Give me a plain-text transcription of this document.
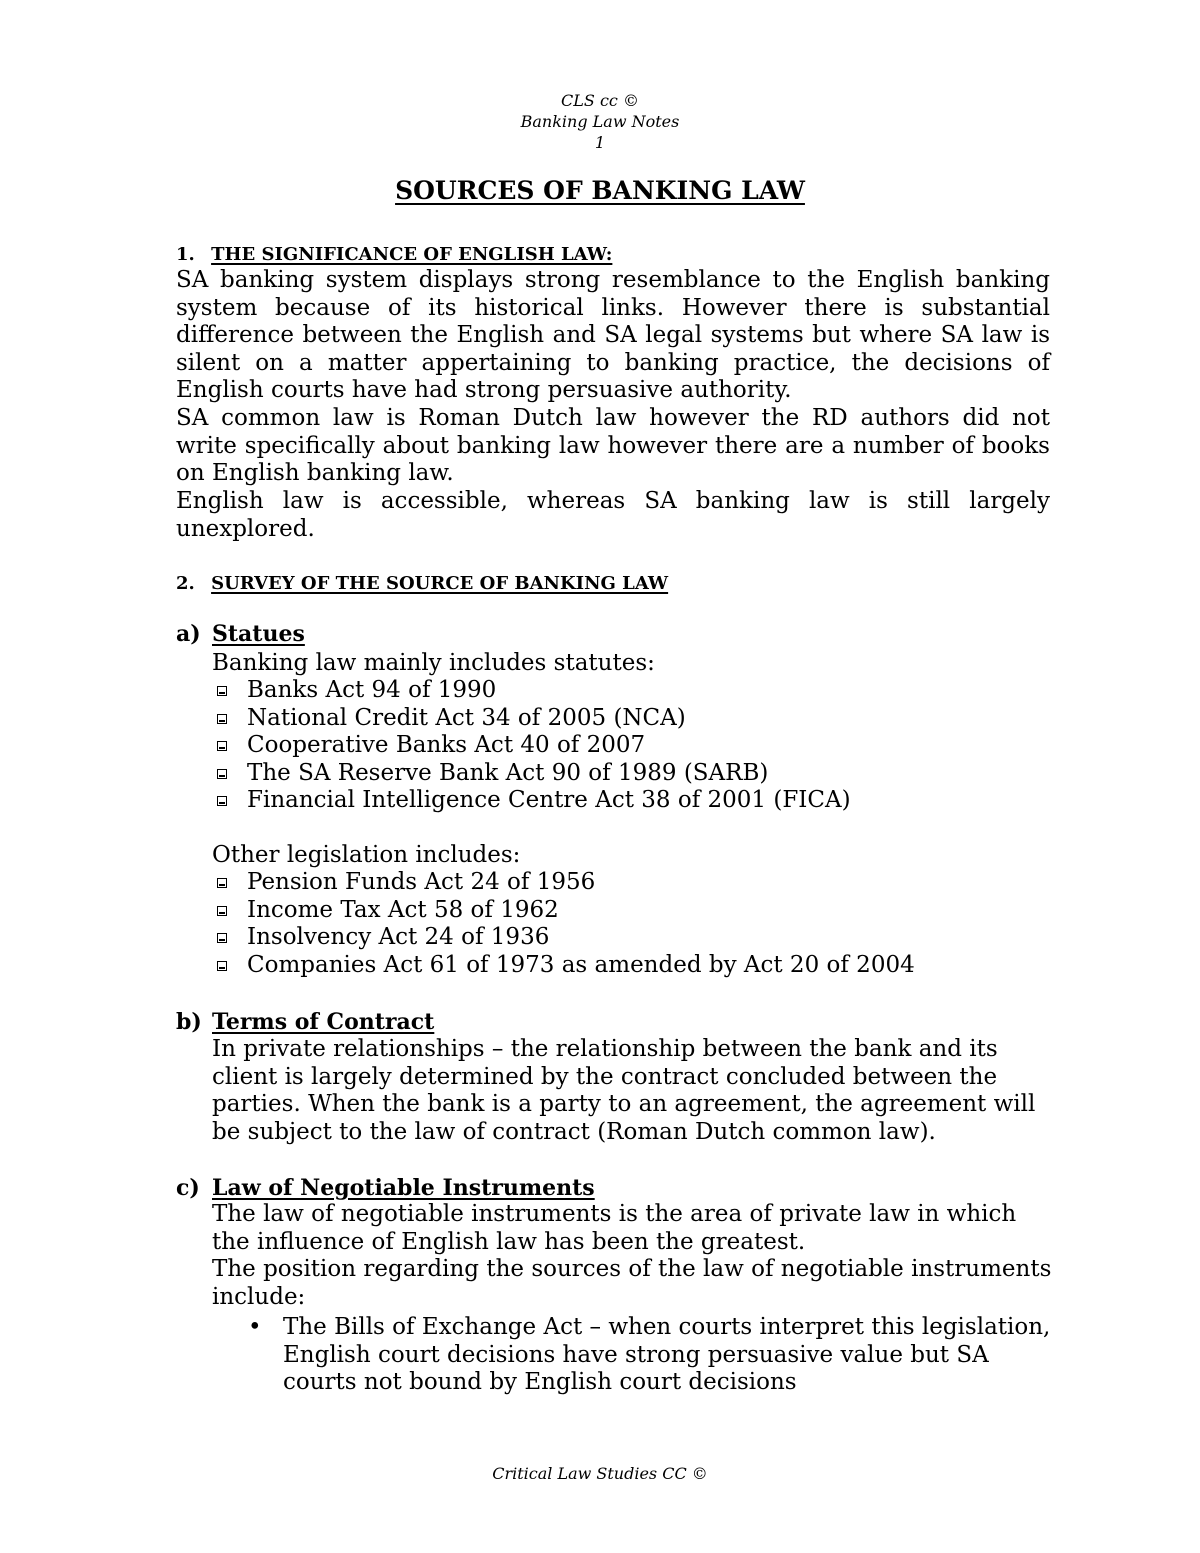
CLS cc ©
Banking Law Notes
1
SOURCES OF BANKING LAW
1. THE SIGNIFICANCE OF ENGLISH LAW:
SA banking system displays strong resemblance to the English banking system because of its historical links. However there is substantial difference between the English and SA legal systems but where SA law is silent on a matter appertaining to banking practice, the decisions of English courts have had strong persuasive authority.
SA common law is Roman Dutch law however the RD authors did not write specifically about banking law however there are a number of books on English banking law.
English law is accessible, whereas SA banking law is still largely unexplored.
2. SURVEY OF THE SOURCE OF BANKING LAW
a) Statues
Banking law mainly includes statutes:
Banks Act 94 of 1990
National Credit Act 34 of 2005 (NCA)
Cooperative Banks Act 40 of 2007
The SA Reserve Bank Act 90 of 1989 (SARB)
Financial Intelligence Centre Act 38 of 2001 (FICA)
Other legislation includes:
Pension Funds Act 24 of 1956
Income Tax Act 58 of 1962
Insolvency Act 24 of 1936
Companies Act 61 of 1973 as amended by Act 20 of 2004
b) Terms of Contract
In private relationships – the relationship between the bank and its client is largely determined by the contract concluded between the parties. When the bank is a party to an agreement, the agreement will be subject to the law of contract (Roman Dutch common law).
c) Law of Negotiable Instruments
The law of negotiable instruments is the area of private law in which the influence of English law has been the greatest.
The position regarding the sources of the law of negotiable instruments include:
• The Bills of Exchange Act – when courts interpret this legislation, English court decisions have strong persuasive value but SA courts not bound by English court decisions
Critical Law Studies CC ©
